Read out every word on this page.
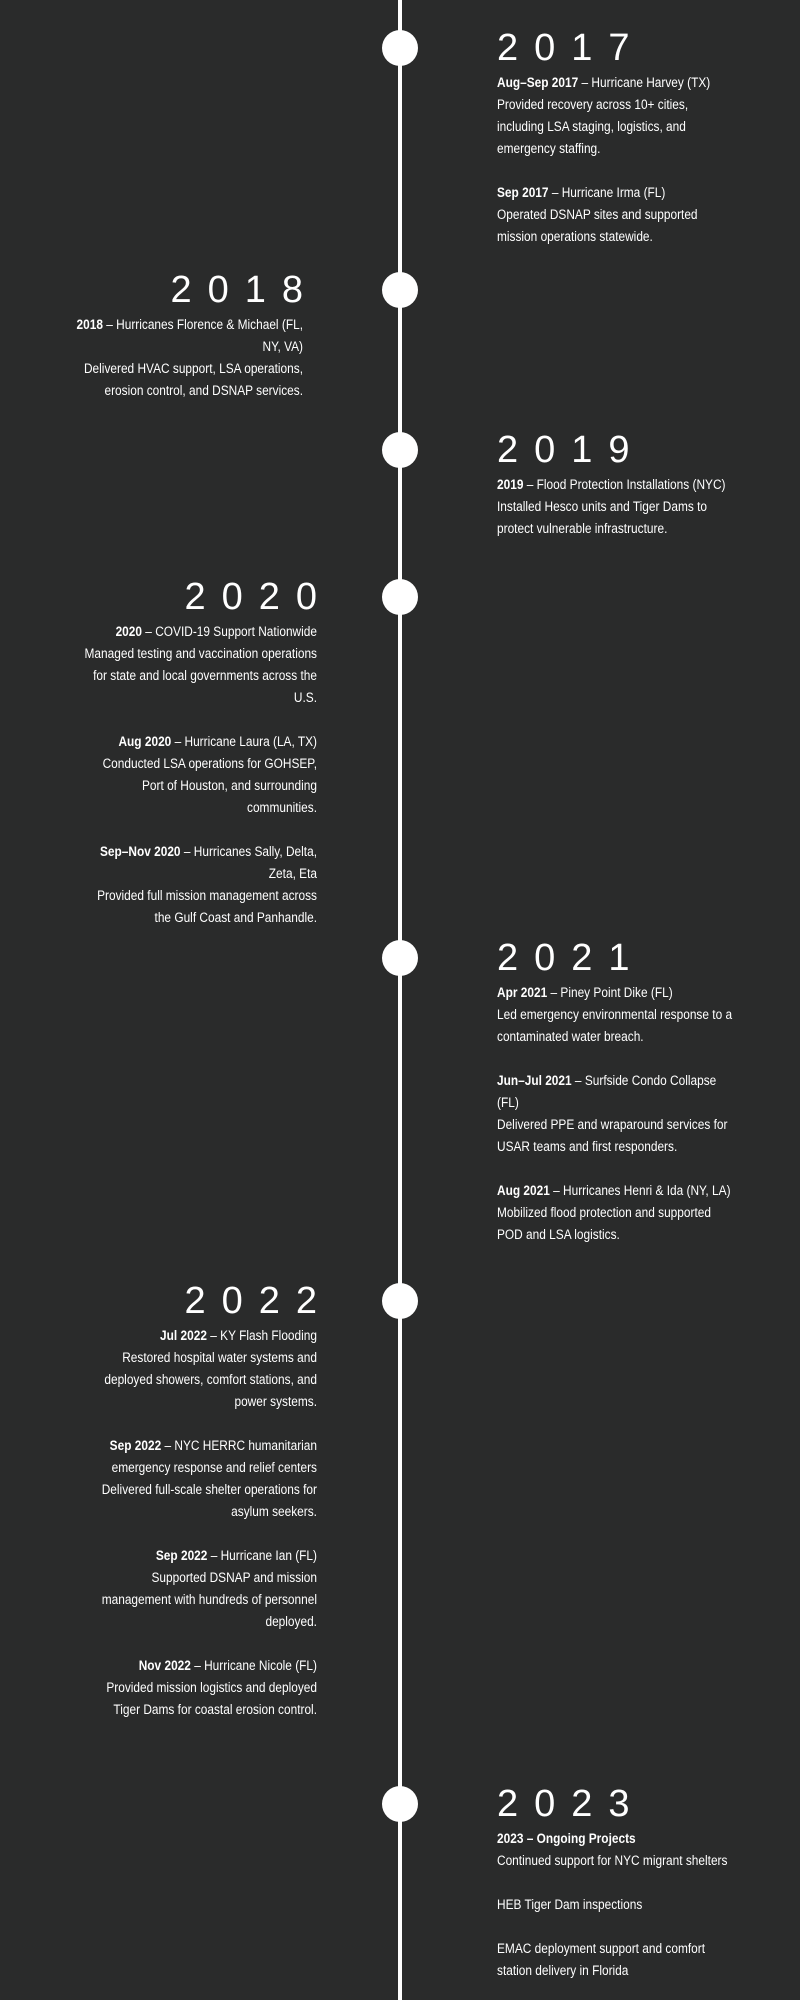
2017
Aug–Sep 2017 – Hurricane Harvey (TX)
Provided recovery across 10+ cities, including LSA staging, logistics, and emergency staffing.
Sep 2017 – Hurricane Irma (FL)
Operated DSNAP sites and supported mission operations statewide.
2018
2018 – Hurricanes Florence & Michael (FL, NY, VA)
Delivered HVAC support, LSA operations, erosion control, and DSNAP services.
2019
2019 – Flood Protection Installations (NYC)
Installed Hesco units and Tiger Dams to protect vulnerable infrastructure.
2020
2020 – COVID-19 Support Nationwide
Managed testing and vaccination operations for state and local governments across the U.S.
Aug 2020 – Hurricane Laura (LA, TX)
Conducted LSA operations for GOHSEP, Port of Houston, and surrounding communities.
Sep–Nov 2020 – Hurricanes Sally, Delta, Zeta, Eta
Provided full mission management across the Gulf Coast and Panhandle.
2021
Apr 2021 – Piney Point Dike (FL)
Led emergency environmental response to a contaminated water breach.
Jun–Jul 2021 – Surfside Condo Collapse (FL)
Delivered PPE and wraparound services for USAR teams and first responders.
Aug 2021 – Hurricanes Henri & Ida (NY, LA)
Mobilized flood protection and supported POD and LSA logistics.
2022
Jul 2022 – KY Flash Flooding
Restored hospital water systems and deployed showers, comfort stations, and power systems.
Sep 2022 – NYC HERRC humanitarian emergency response and relief centers
Delivered full-scale shelter operations for asylum seekers.
Sep 2022 – Hurricane Ian (FL)
Supported DSNAP and mission management with hundreds of personnel deployed.
Nov 2022 – Hurricane Nicole (FL)
Provided mission logistics and deployed Tiger Dams for coastal erosion control.
2023
2023 – Ongoing Projects
Continued support for NYC migrant shelters
HEB Tiger Dam inspections
EMAC deployment support and comfort station delivery in Florida
